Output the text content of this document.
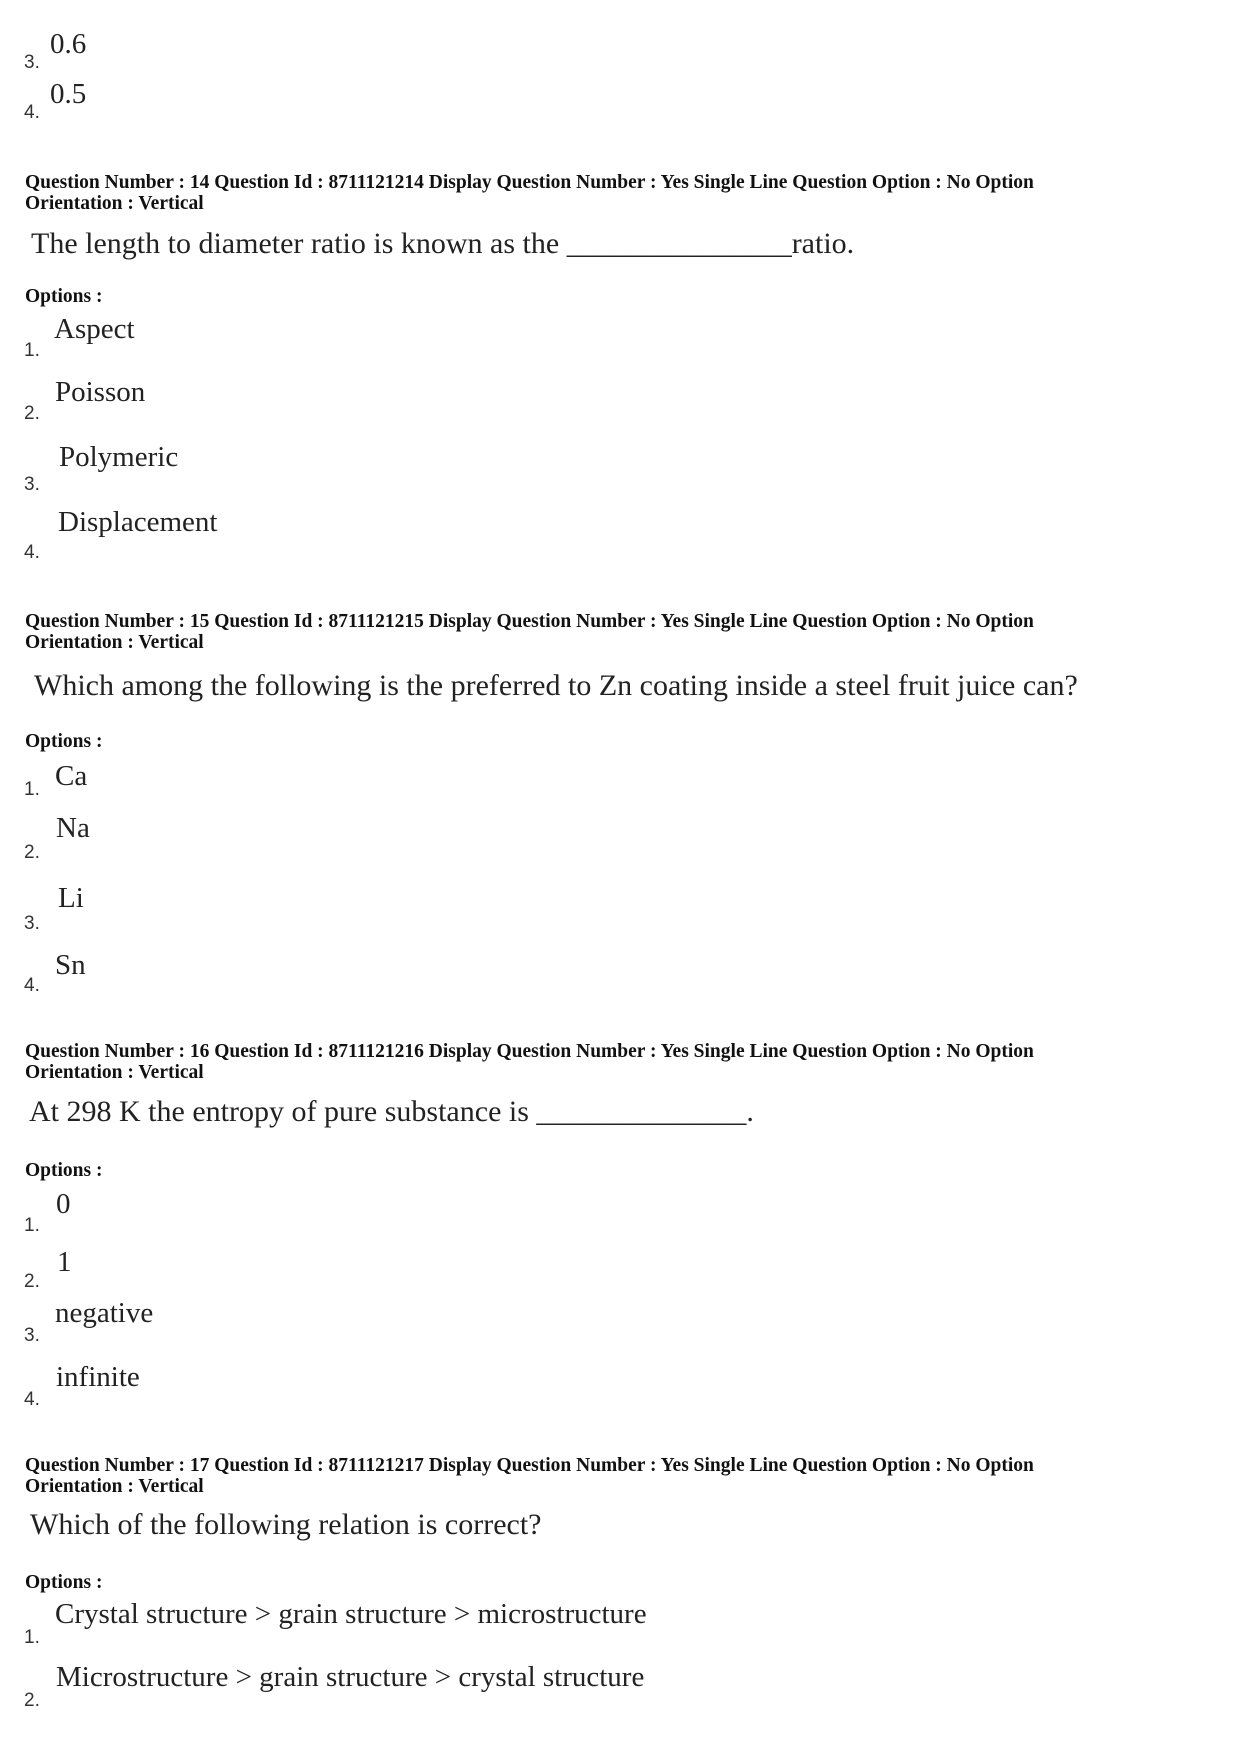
3.
0.6
4.
0.5
Question Number : 14 Question Id : 8711121214 Display Question Number : Yes Single Line Question Option : No Option
Orientation : Vertical
The length to diameter ratio is known as the _______________ratio.
Options :
1.
Aspect
2.
Poisson
3.
Polymeric
4.
Displacement
Question Number : 15 Question Id : 8711121215 Display Question Number : Yes Single Line Question Option : No Option
Orientation : Vertical
Which among the following is the preferred to Zn coating inside a steel fruit juice can?
Options :
1. Ca
2.
Na
3.
Li
4.
Sn
Question Number : 16 Question Id : 8711121216 Display Question Number : Yes Single Line Question Option : No Option
Orientation : Vertical
At 298 K the entropy of pure substance is ______________.
Options :
1.
0
2.
1
3.
negative
4.
infinite
Question Number : 17 Question Id : 8711121217 Display Question Number : Yes Single Line Question Option : No Option
Orientation : Vertical
Which of the following relation is correct?
Options :
1.
Crystal structure > grain structure > microstructure
2.
Microstructure > grain structure > crystal structure
